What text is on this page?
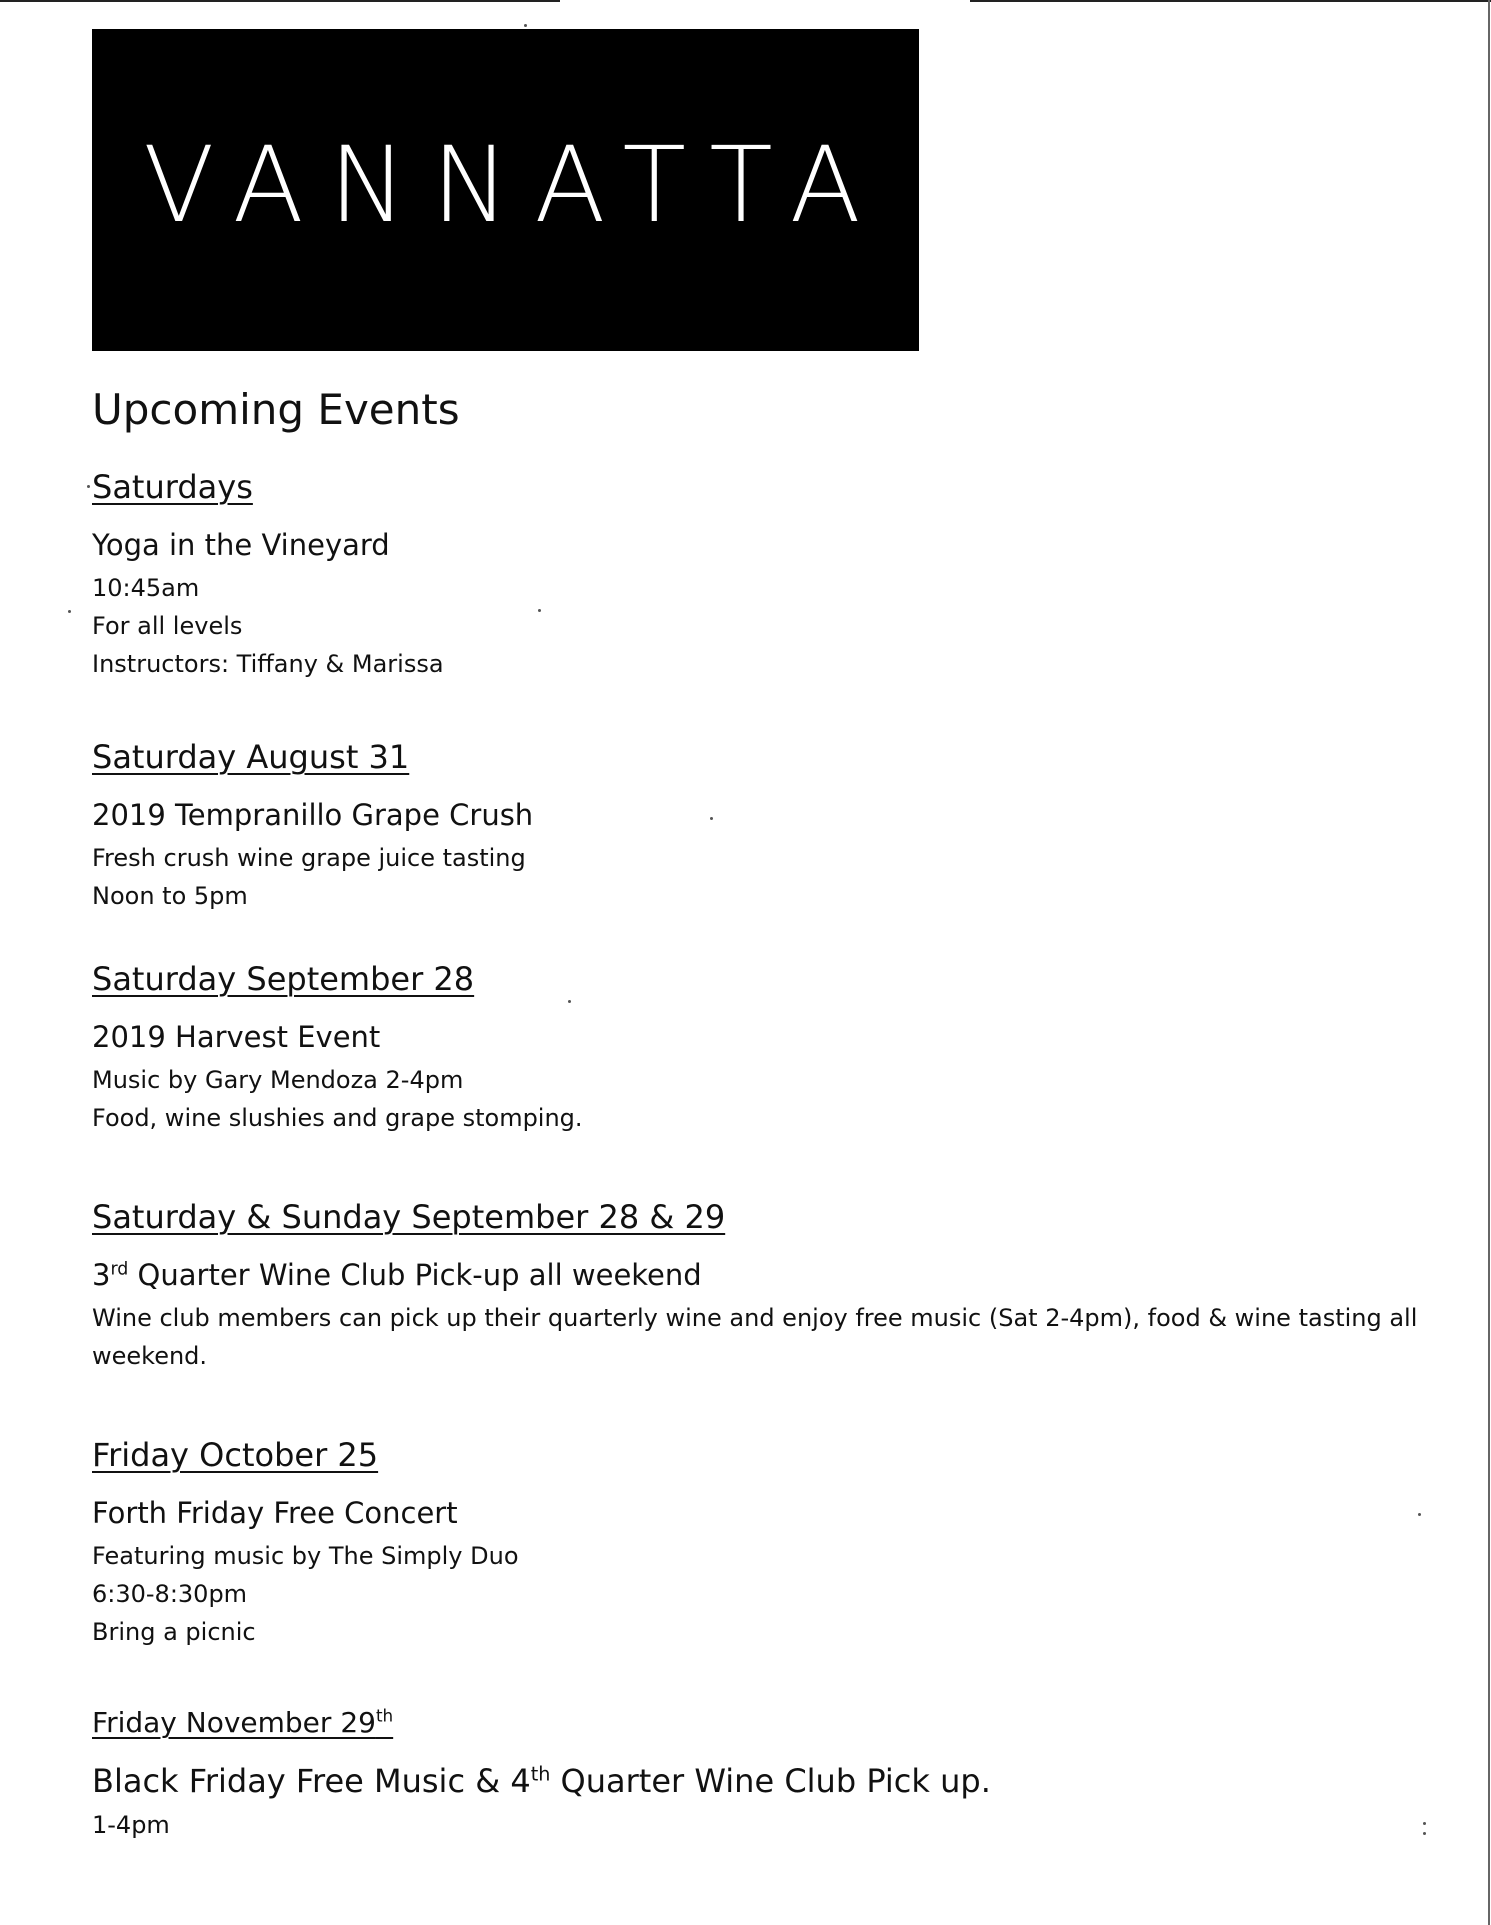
VANNATTA
Upcoming Events
Saturdays
Yoga in the Vineyard
10:45am
For all levels
Instructors: Tiffany & Marissa
Saturday August 31
2019 Tempranillo Grape Crush
Fresh crush wine grape juice tasting
Noon to 5pm
Saturday September 28
2019 Harvest Event
Music by Gary Mendoza 2-4pm
Food, wine slushies and grape stomping.
Saturday & Sunday September 28 & 29
3rd Quarter Wine Club Pick-up all weekend
Wine club members can pick up their quarterly wine and enjoy free music (Sat 2-4pm), food & wine tasting all
weekend.
Friday October 25
Forth Friday Free Concert
Featuring music by The Simply Duo
6:30-8:30pm
Bring a picnic
Friday November 29th
Black Friday Free Music & 4th Quarter Wine Club Pick up.
1-4pm
